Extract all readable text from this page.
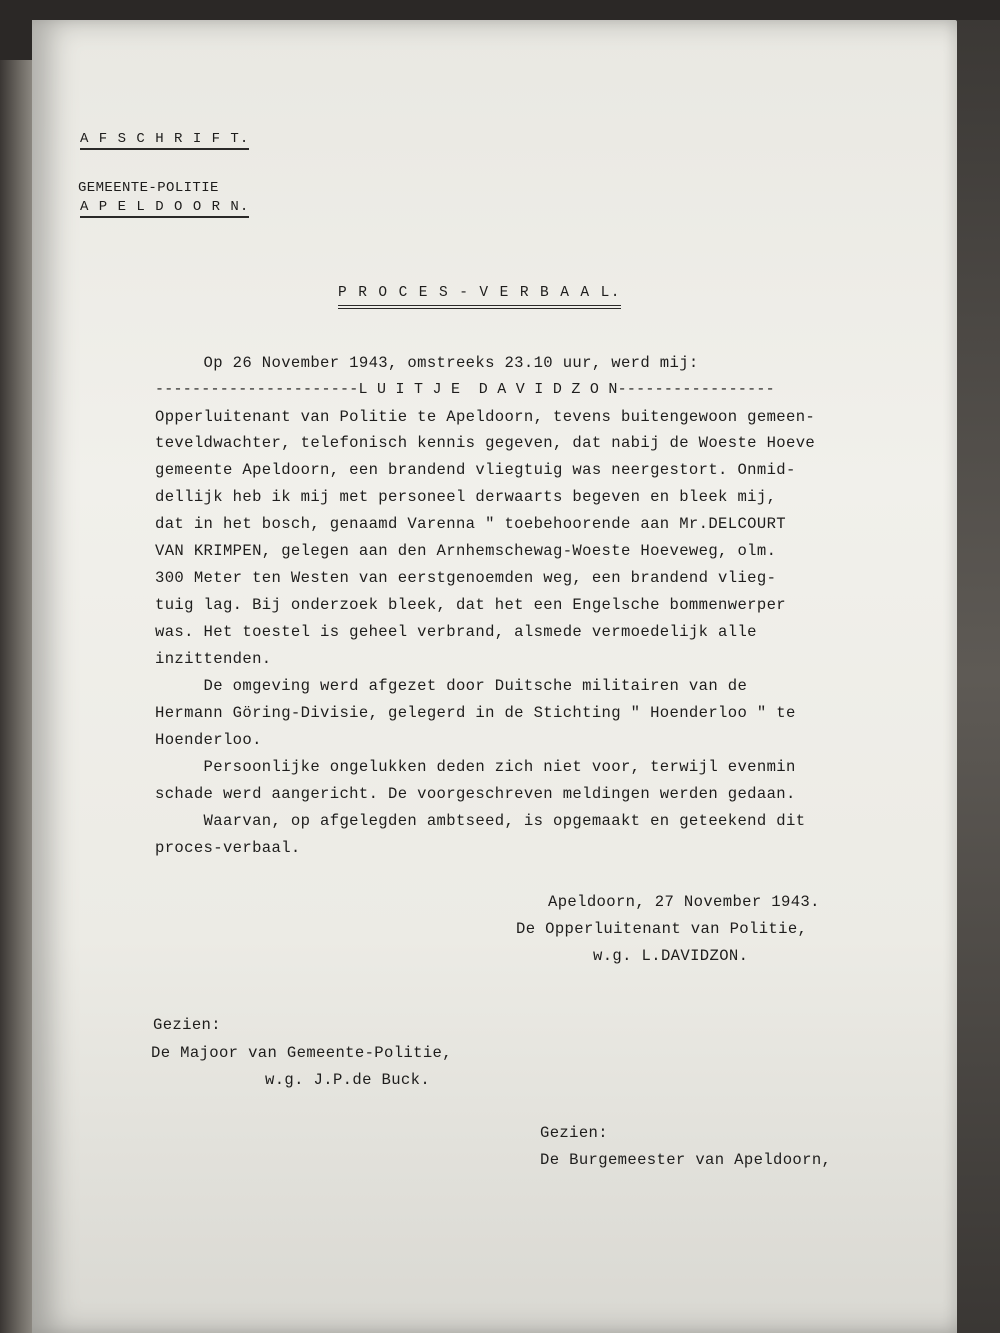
A F S C H R I F T.
GEMEENTE-POLITIE
A P E L D O O R N.
P R O C E S - V E R B A A L.
Op 26 November 1943, omstreeks 23.10 uur, werd mij:
----------------------L U I T J E  D A V I D Z O N-----------------
Opperluitenant van Politie te Apeldoorn, tevens buitengewoon gemeen-
teveldwachter, telefonisch kennis gegeven, dat nabij de Woeste Hoeve
gemeente Apeldoorn, een brandend vliegtuig was neergestort. Onmid-
dellijk heb ik mij met personeel derwaarts begeven en bleek mij,
dat in het bosch, genaamd Varenna " toebehoorende aan Mr.DELCOURT
VAN KRIMPEN, gelegen aan den Arnhemschewag-Woeste Hoeveweg, olm.
300 Meter ten Westen van eerstgenoemden weg, een brandend vlieg-
tuig lag. Bij onderzoek bleek, dat het een Engelsche bommenwerper
was. Het toestel is geheel verbrand, alsmede vermoedelijk alle
inzittenden.
De omgeving werd afgezet door Duitsche militairen van de
Hermann Göring-Divisie, gelegerd in de Stichting " Hoenderloo " te
Hoenderloo.
Persoonlijke ongelukken deden zich niet voor, terwijl evenmin
schade werd aangericht. De voorgeschreven meldingen werden gedaan.
Waarvan, op afgelegden ambtseed, is opgemaakt en geteekend dit
proces-verbaal.
Apeldoorn, 27 November 1943.
De Opperluitenant van Politie,
w.g. L.DAVIDZON.
Gezien:
De Majoor van Gemeente-Politie,
w.g. J.P.de Buck.
Gezien:
De Burgemeester van Apeldoorn,
